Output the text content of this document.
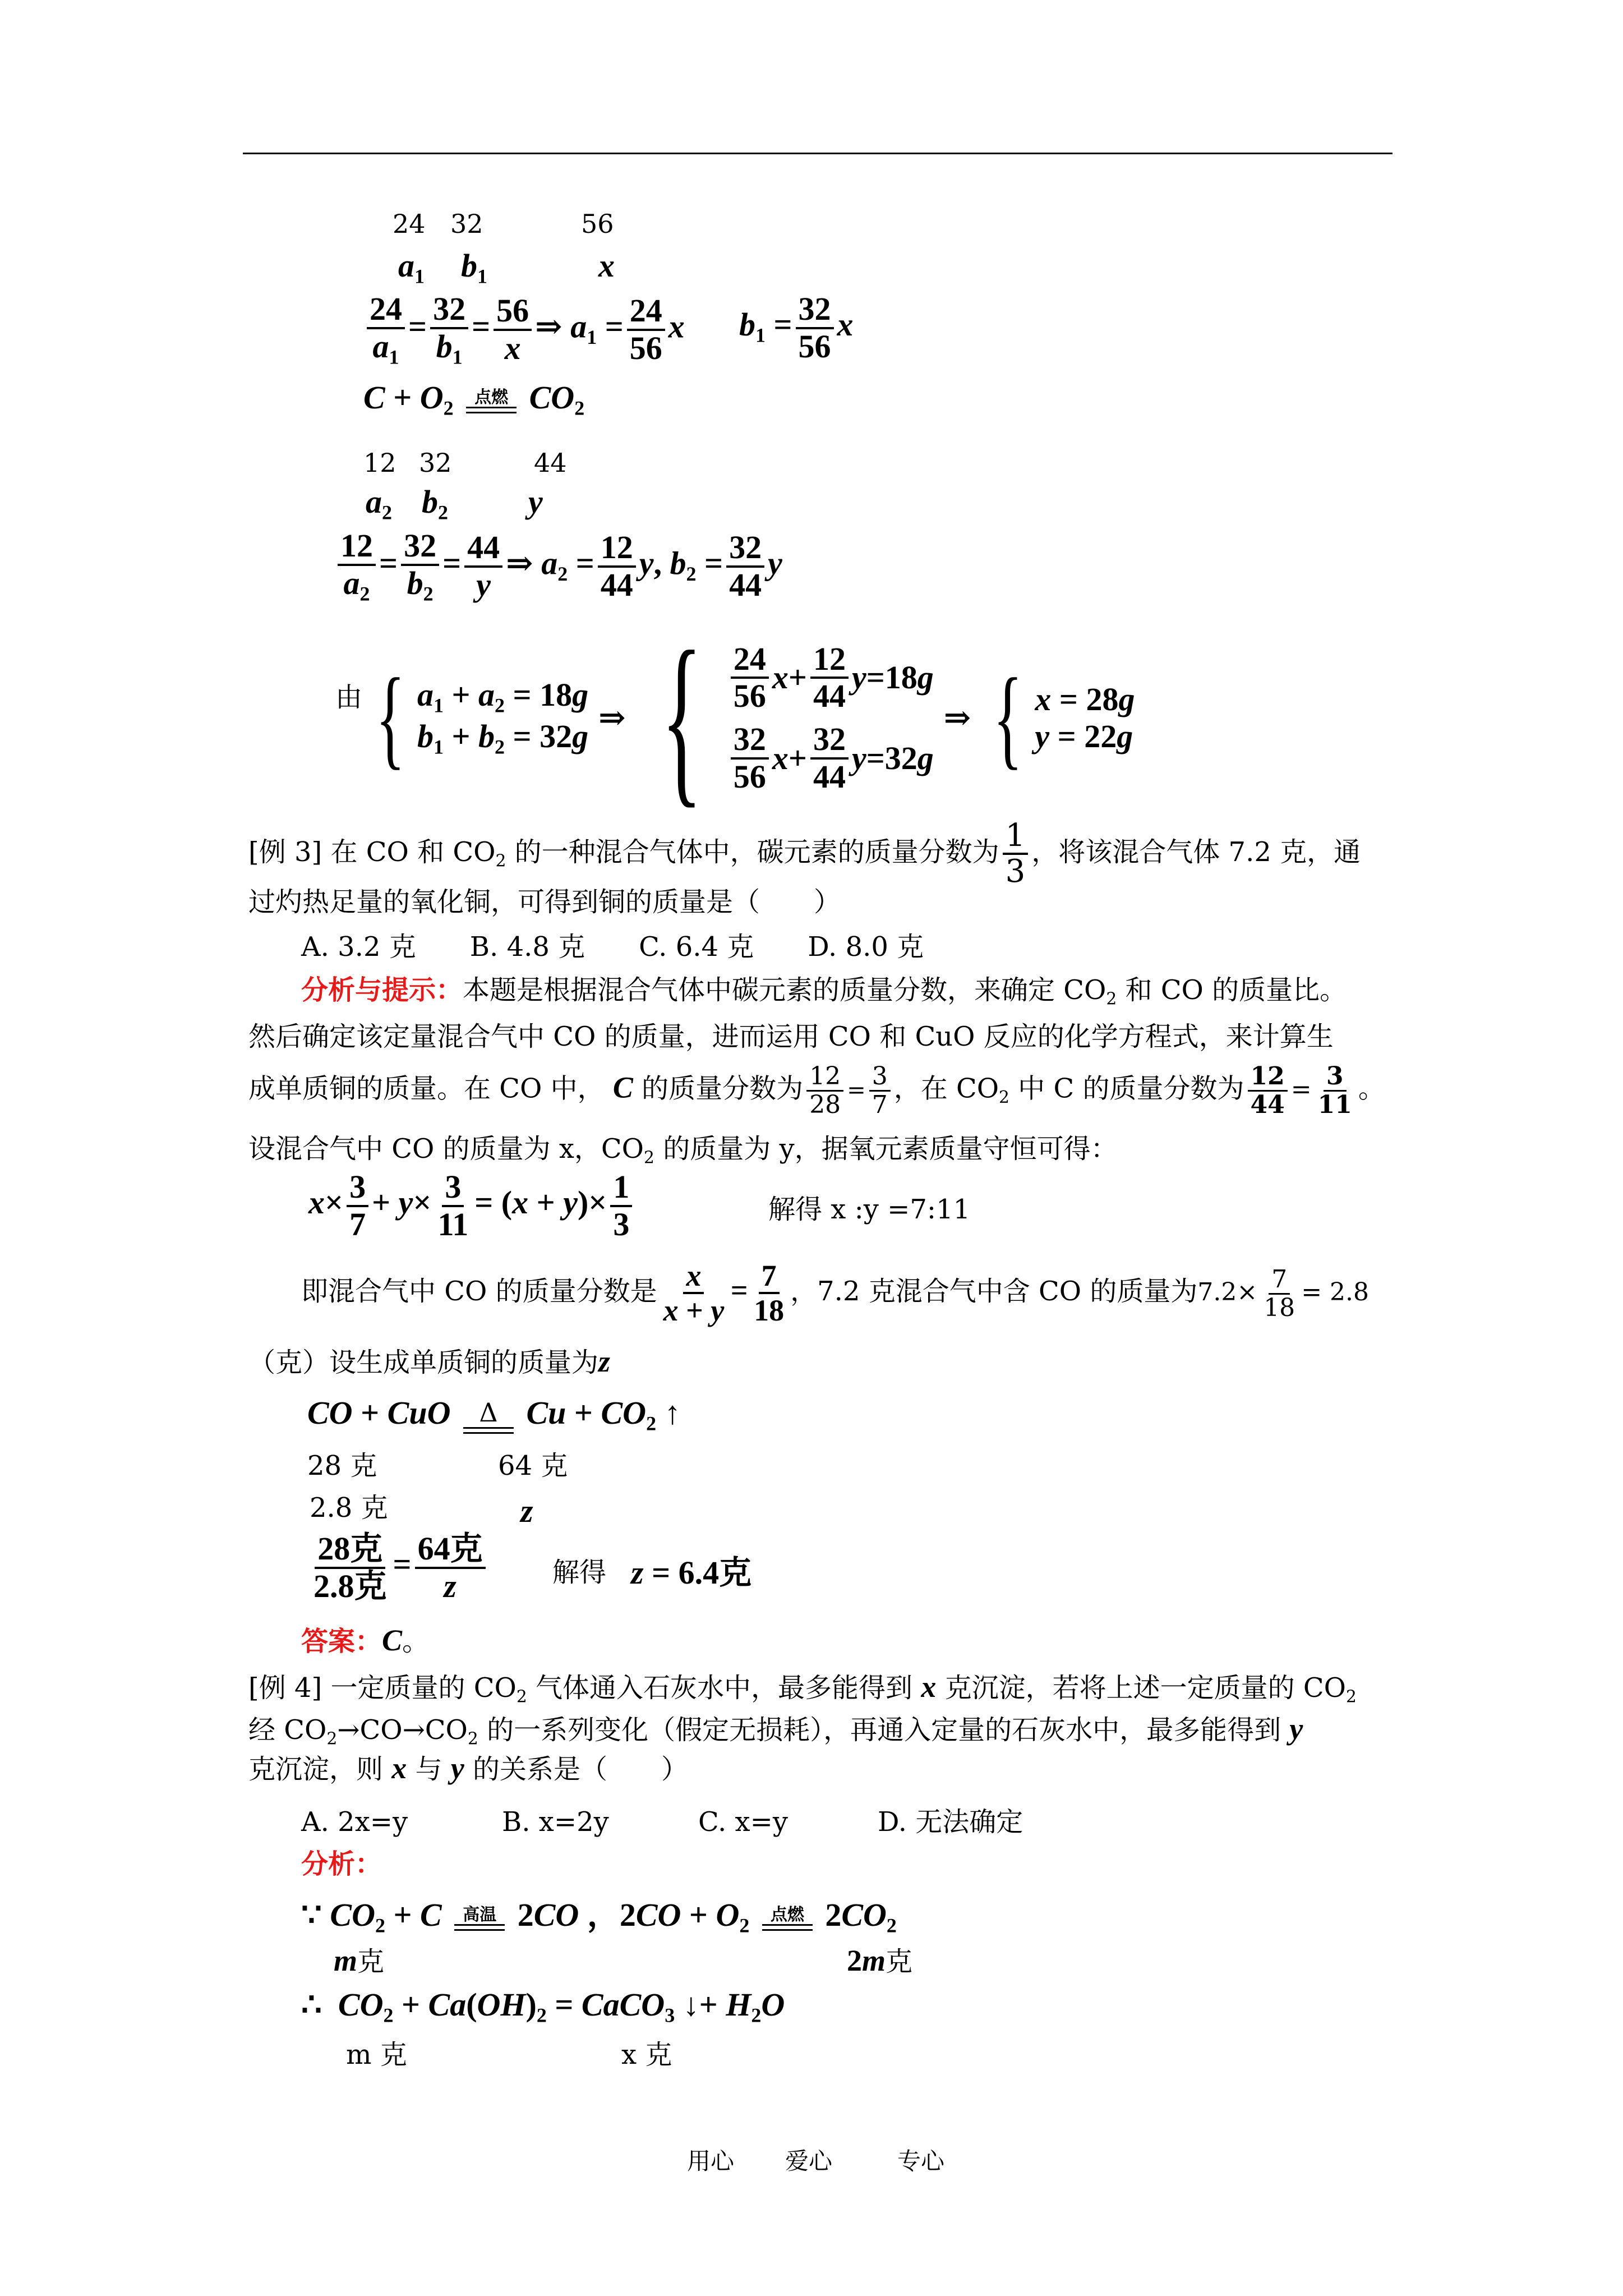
24 32	56
$a_1$ $b_1$	x
$\frac{24}{a_1} = \frac{32}{b_1} = \frac{56}{x}$ ⇒ $a_1 = \frac{24}{56}$ x $b_1 = \frac{32}{56}$ x
$C + O_2$ 点燃 $CO_2$
12 32	44
$a_2$ $b_2$ y
$\frac{12}{a_2} = \frac{32}{b_2} = \frac{44}{y}$ ⇒ $a_2 = \frac{12}{44} y$, $b_2 = \frac{32}{44}$ y
由 { $a_1 + a_2 = 18g$
$b_1 + b_2 = 32g$
⇒ { $\frac{24}{56}$ $x + \frac{12}{44}$ y = 18 g
$\frac{32}{56}$ $x + \frac{32}{44}$ y = 32 g
⇒ { x = 28g
y = 22g
[例 3] 在 CO 和 $CO_2$ 的一种混合气体中，碳元素的质量分数为 $\frac{1}{3}$ ，将该混合气体 7.2 克，通
过灼热足量的氧化铜，可得到铜的质量是（　　）
A. 3.2 克　　B. 4.8 克　　C. 6.4 克　　D. 8.0 克
分析与提示：本题是根据混合气体中碳元素的质量分数，来确定 $CO_2$ 和 CO 的质量比。
然后确定该定量混合气中 CO 的质量，进而运用 CO 和 CuO 反应的化学方程式，来计算生
成单质铜的质量。在 CO 中， C 的质量分数为 $\frac{12}{28} = \frac{3}{7}$ ，在 $CO_2$ 中 C 的质量分数为 $\frac{12}{44} = \frac{3}{11}$ 。
设混合气中 CO 的质量为 x，$CO_2$ 的质量为 y，据氧元素质量守恒可得：
$x\times \frac{3}{7} + y\times \frac{3}{11} = (x + y)\times \frac{1}{3}$	解得 x :y =7:11
即混合气中 CO 的质量分数是 $\frac{x}{x + y} = \frac{7}{18}$ ，7.2 克混合气中含 CO 的质量为$7.2\times \frac{7}{18} = 2.8$
（克）设生成单质铜的质量为z
CO + CuO Δ $Cu + CO_2$ ↑
28 克	64 克
2.8 克	z
$\frac{\text{28克}}{\text{2.8克}} = \frac{\text{64克}}{z}$ 解得 z = 6.4克
答案：C。
[例 4] 一定质量的 $CO_2$ 气体通入石灰水中，最多能得到 x 克沉淀，若将上述一定质量的 $CO_2$
经 $CO_2\to CO\to CO_2$ 的一系列变化（假定无损耗），再通入定量的石灰水中，最多能得到 y
克沉淀，则 x 与 y 的关系是（　　）
A. 2x=y	B. x=2y	C. x=y	D. 无法确定
分析：
∵ $CO_2 + C$ 高温 2CO ，$2CO + O_2$ 点燃 $2CO_2$
m克	2m克
∴  $CO_2 + Ca(OH)_2$ = CaCO$_3$ ↓+ $H_2O$
m 克	x 克
用心 爱心	专心
